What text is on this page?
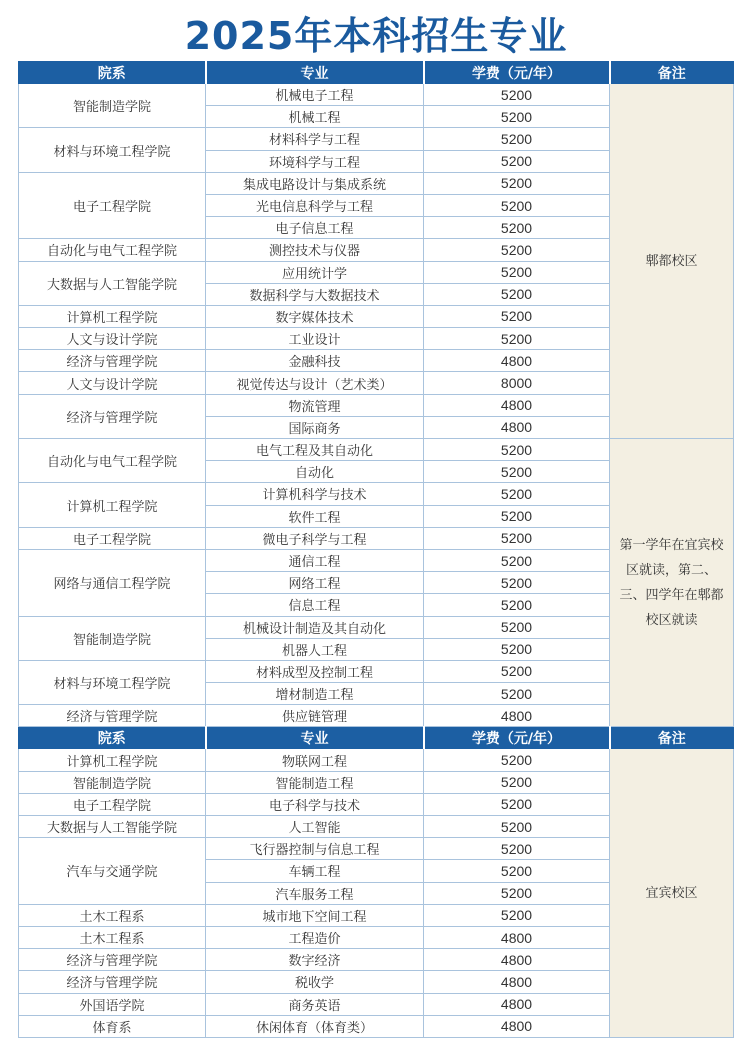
2025年本科招生专业
院系	专业	学费（元/年）	备注
智能制造学院	机械电子工程	5200	郫都校区
	机械工程	5200	
材料与环境工程学院	材料科学与工程	5200	
	环境科学与工程	5200	
电子工程学院	集成电路设计与集成系统	5200	
	光电信息科学与工程	5200	
	电子信息工程	5200	
自动化与电气工程学院	测控技术与仪器	5200	
大数据与人工智能学院	应用统计学	5200	
	数据科学与大数据技术	5200	
计算机工程学院	数字媒体技术	5200	
人文与设计学院	工业设计	5200	
经济与管理学院	金融科技	4800	
人文与设计学院	视觉传达与设计（艺术类）	8000	
经济与管理学院	物流管理	4800	
	国际商务	4800	
自动化与电气工程学院	电气工程及其自动化	5200	第一学年在宜宾校区就读，第二、三、四学年在郫都校区就读
	自动化	5200	
计算机工程学院	计算机科学与技术	5200	
	软件工程	5200	
电子工程学院	微电子科学与工程	5200	
网络与通信工程学院	通信工程	5200	
	网络工程	5200	
	信息工程	5200	
智能制造学院	机械设计制造及其自动化	5200	
	机器人工程	5200	
材料与环境工程学院	材料成型及控制工程	5200	
	增材制造工程	5200	
经济与管理学院	供应链管理	4800	
院系	专业	学费（元/年）	备注
计算机工程学院	物联网工程	5200	宜宾校区
智能制造学院	智能制造工程	5200	
电子工程学院	电子科学与技术	5200	
大数据与人工智能学院	人工智能	5200	
汽车与交通学院	飞行器控制与信息工程	5200	
	车辆工程	5200	
	汽车服务工程	5200	
土木工程系	城市地下空间工程	5200	
土木工程系	工程造价	4800	
经济与管理学院	数字经济	4800	
经济与管理学院	税收学	4800	
外国语学院	商务英语	4800	
体育系	休闲体育（体育类）	4800	
